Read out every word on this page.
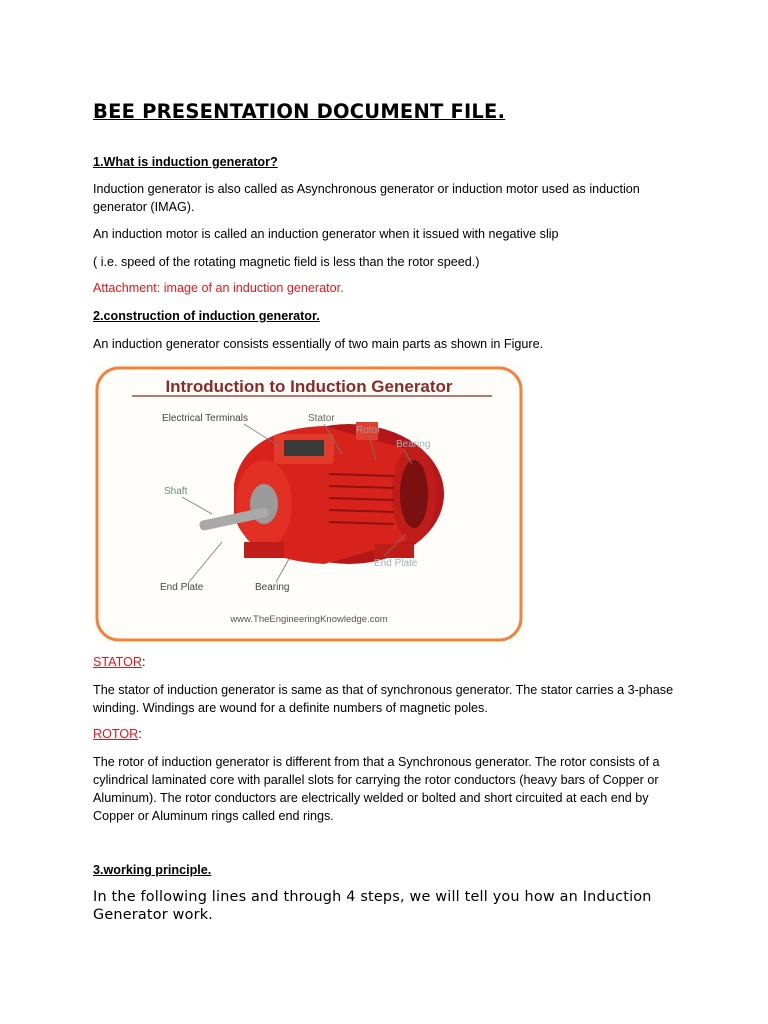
BEE PRESENTATION DOCUMENT FILE.
1.What is induction generator?
Induction generator is also called as Asynchronous generator or induction motor used as induction generator (IMAG).
An induction motor is called an induction generator when it issued with negative slip
( i.e. speed of the rotating magnetic field is less than the rotor speed.)
Attachment: image of an induction generator.
2.construction of induction generator.
An induction generator consists essentially of two main parts as shown in Figure.
Introduction to Induction Generator
Electrical Terminals	Stator
Rotor
Bearing
Shaft
End Plate
End Plate	Bearing
www.TheEngineeringKnowledge.com
STATOR:
The stator of induction generator is same as that of synchronous generator. The stator carries a 3-phase winding. Windings are wound for a definite numbers of magnetic poles.
ROTOR:
The rotor of induction generator is different from that a Synchronous generator. The rotor consists of a cylindrical laminated core with parallel slots for carrying the rotor conductors (heavy bars of Copper or Aluminum). The rotor conductors are electrically welded or bolted and short circuited at each end by Copper or Aluminum rings called end rings.
3.working principle.
In the following lines and through 4 steps, we will tell you how an Induction Generator work.
